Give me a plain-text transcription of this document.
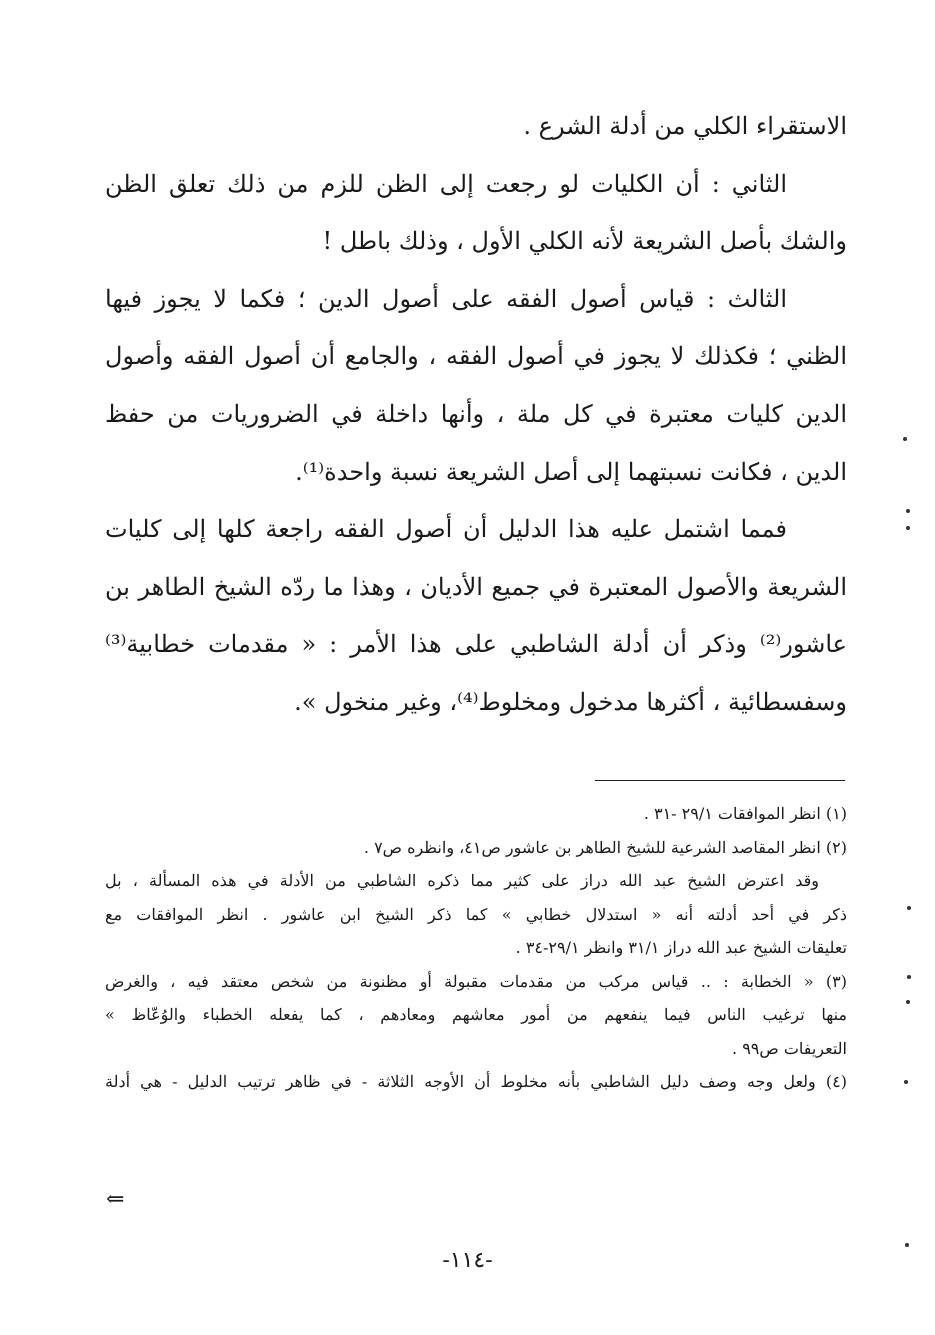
الاستقراء الكلي من أدلة الشرع .
الثاني : أن الكليات لو رجعت إلى الظن للزم من ذلك تعلق الظن
والشك بأصل الشريعة لأنه الكلي الأول ، وذلك باطل !
الثالث : قياس أصول الفقه على أصول الدين ؛ فكما لا يجوز فيها
الظني ؛ فكذلك لا يجوز في أصول الفقه ، والجامع أن أصول الفقه وأصول
الدين كليات معتبرة في كل ملة ، وأنها داخلة في الضروريات من حفظ
الدين ، فكانت نسبتهما إلى أصل الشريعة نسبة واحدة⁽¹⁾.
فمما اشتمل عليه هذا الدليل أن أصول الفقه راجعة كلها إلى كليات
الشريعة والأصول المعتبرة في جميع الأديان ، وهذا ما ردّه الشيخ الطاهر بن
عاشور⁽²⁾ وذكر أن أدلة الشاطبي على هذا الأمر : « مقدمات خطابية⁽³⁾
وسفسطائية ، أكثرها مدخول ومخلوط⁽⁴⁾، وغير منخول ».
(١) انظر الموافقات ٢٩/١ -٣١ .
(٢) انظر المقاصد الشرعية للشيخ الطاهر بن عاشور ص٤١، وانظره ص٧ .
وقد اعترض الشيخ عبد الله دراز على كثير مما ذكره الشاطبي من الأدلة في هذه المسألة ، بل
ذكر في أحد أدلته أنه « استدلال خطابي » كما ذكر الشيخ ابن عاشور . انظر الموافقات مع
تعليقات الشيخ عبد الله دراز ٣١/١ وانظر ٢٩/١-٣٤ .
(٣) « الخطابة : .. قياس مركب من مقدمات مقبولة أو مظنونة من شخص معتقد فيه ، والغرض
منها ترغيب الناس فيما ينفعهم من أمور معاشهم ومعادهم ، كما يفعله الخطباء والوُعّاظ »
التعريفات ص٩٩ .
(٤) ولعل وجه وصف دليل الشاطبي بأنه مخلوط أن الأوجه الثلاثة - في ظاهر ترتيب الدليل - هي أدلة
⇐
-١١٤-
